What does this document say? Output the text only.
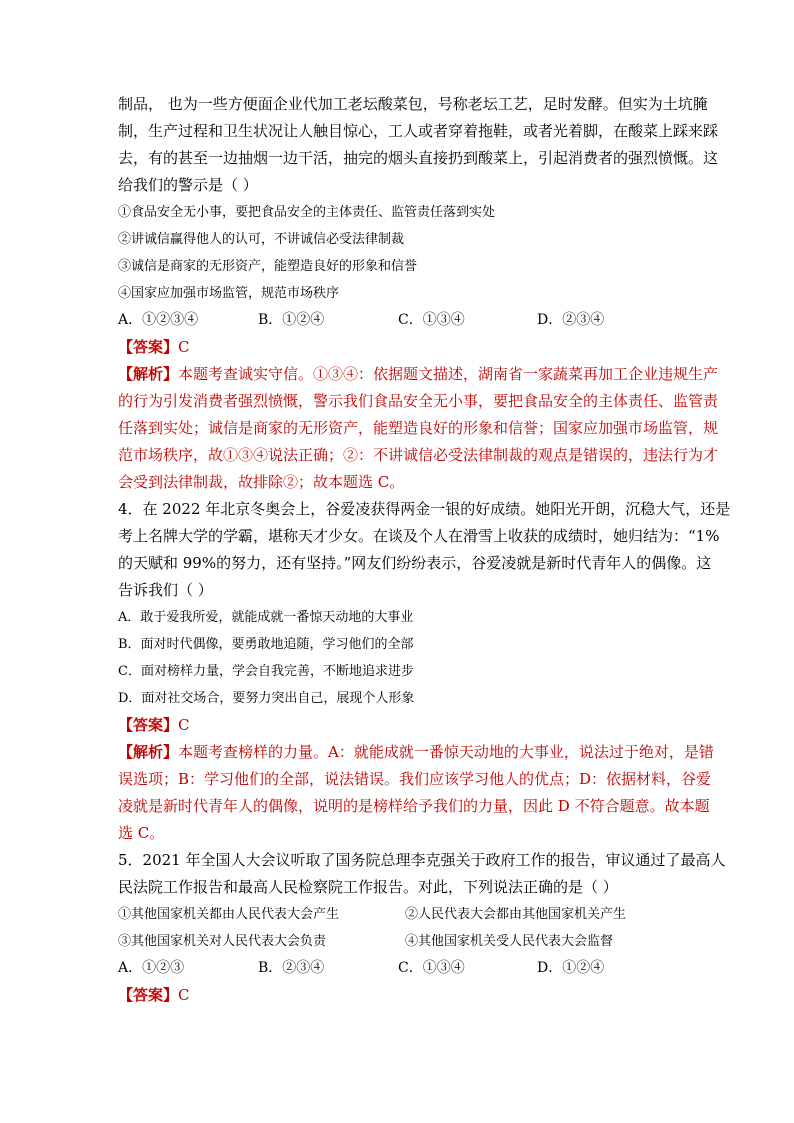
制品， 也为一些方便面企业代加工老坛酸菜包，号称老坛工艺，足时发酵。但实为土坑腌

制，生产过程和卫生状况让人触目惊心，工人或者穿着拖鞋，或者光着脚，在酸菜上踩来踩

去，有的甚至一边抽烟一边干活，抽完的烟头直接扔到酸菜上，引起消费者的强烈愤慨。这

给我们的警示是（ ）

①食品安全无小事，要把食品安全的主体责任、监管责任落到实处

②讲诚信赢得他人的认可，不讲诚信必受法律制裁

③诚信是商家的无形资产，能塑造良好的形象和信誉

④国家应加强市场监管，规范市场秩序

A．①②③④	B．①②④	C．①③④	D．②③④

【答案】C

【解析】本题考查诚实守信。①③④：依据题文描述，湖南省一家蔬菜再加工企业违规生产

的行为引发消费者强烈愤慨，警示我们食品安全无小事，要把食品安全的主体责任、监管责

任落到实处；诚信是商家的无形资产，能塑造良好的形象和信誉；国家应加强市场监管，规

范市场秩序，故①③④说法正确；②：不讲诚信必受法律制裁的观点是错误的，违法行为才

会受到法律制裁，故排除②；故本题选 C。

4．在 2022 年北京冬奥会上，谷爱凌获得两金一银的好成绩。她阳光开朗，沉稳大气，还是

考上名牌大学的学霸，堪称天才少女。在谈及个人在滑雪上收获的成绩时，她归结为：“1%

的天赋和 99%的努力，还有坚持。”网友们纷纷表示，谷爱凌就是新时代青年人的偶像。这

告诉我们（ ）

A．敢于爱我所爱，就能成就一番惊天动地的大事业

B．面对时代偶像，要勇敢地追随，学习他们的全部

C．面对榜样力量，学会自我完善，不断地追求进步

D．面对社交场合，要努力突出自己，展现个人形象

【答案】C

【解析】本题考查榜样的力量。A：就能成就一番惊天动地的大事业，说法过于绝对，是错

误选项；B：学习他们的全部，说法错误。我们应该学习他人的优点；D：依据材料，谷爱

凌就是新时代青年人的偶像，说明的是榜样给予我们的力量，因此 D 不符合题意。故本题

选 C。

5．2021 年全国人大会议听取了国务院总理李克强关于政府工作的报告，审议通过了最高人

民法院工作报告和最高人民检察院工作报告。对此，下列说法正确的是（ ）

①其他国家机关都由人民代表大会产生	②人民代表大会都由其他国家机关产生
③其他国家机关对人民代表大会负责	④其他国家机关受人民代表大会监督
A．①②③	B．②③④	C．①③④	D．①②④

【答案】C
